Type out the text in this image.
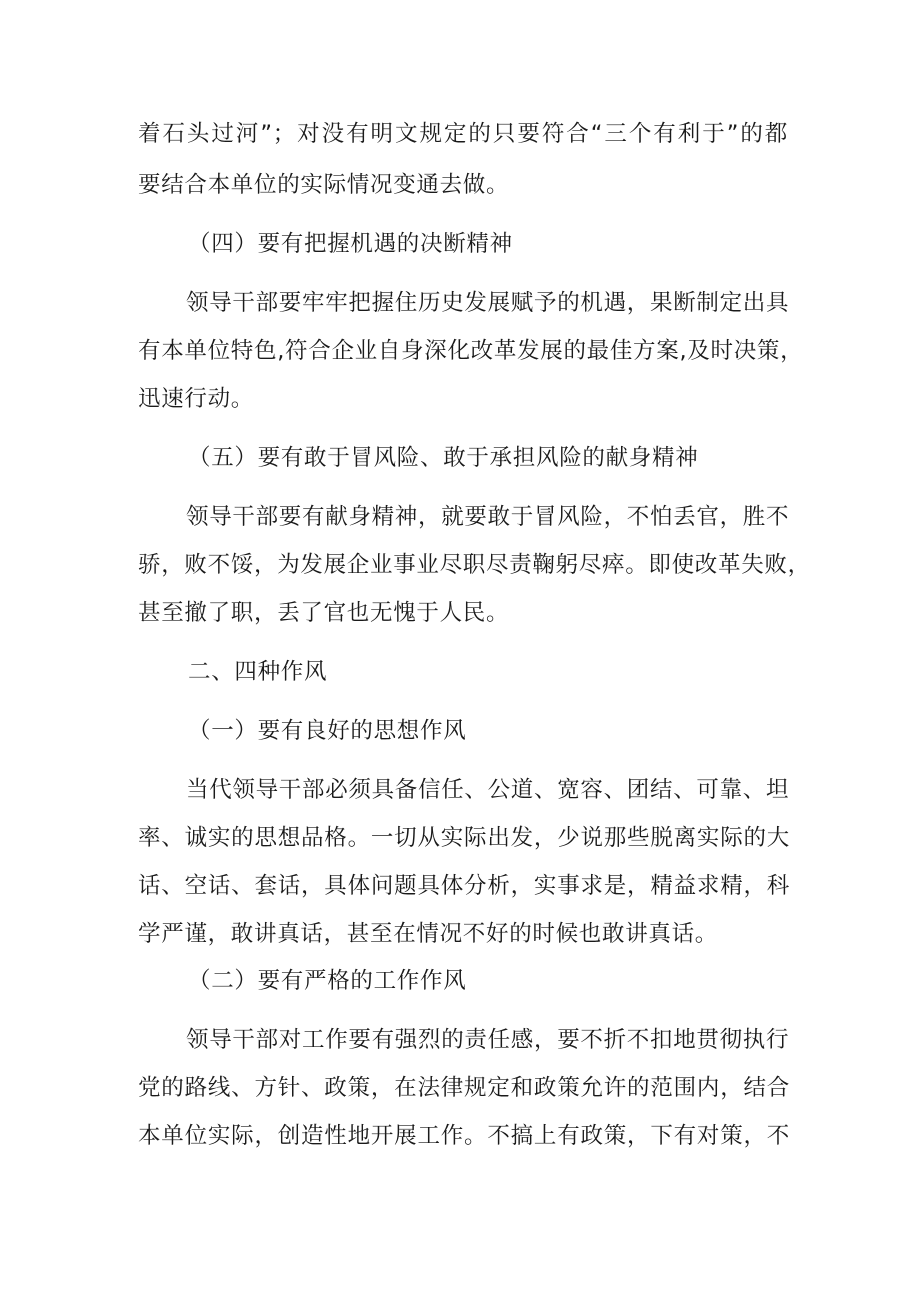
着石头过河”；对没有明文规定的只要符合“三个有利于”的都
要结合本单位的实际情况变通去做。
（四）要有把握机遇的决断精神
领导干部要牢牢把握住历史发展赋予的机遇，果断制定出具
有本单位特色,符合企业自身深化改革发展的最佳方案,及时决策，
迅速行动。
（五）要有敢于冒风险、敢于承担风险的献身精神
领导干部要有献身精神，就要敢于冒风险，不怕丢官，胜不
骄，败不馁，为发展企业事业尽职尽责鞠躬尽瘁。即使改革失败，
甚至撤了职，丢了官也无愧于人民。
二、四种作风
（一）要有良好的思想作风
当代领导干部必须具备信任、公道、宽容、团结、可靠、坦
率、诚实的思想品格。一切从实际出发，少说那些脱离实际的大
话、空话、套话，具体问题具体分析，实事求是，精益求精，科
学严谨，敢讲真话，甚至在情况不好的时候也敢讲真话。
（二）要有严格的工作作风
领导干部对工作要有强烈的责任感，要不折不扣地贯彻执行
党的路线、方针、政策，在法律规定和政策允许的范围内，结合
本单位实际，创造性地开展工作。不搞上有政策，下有对策，不
